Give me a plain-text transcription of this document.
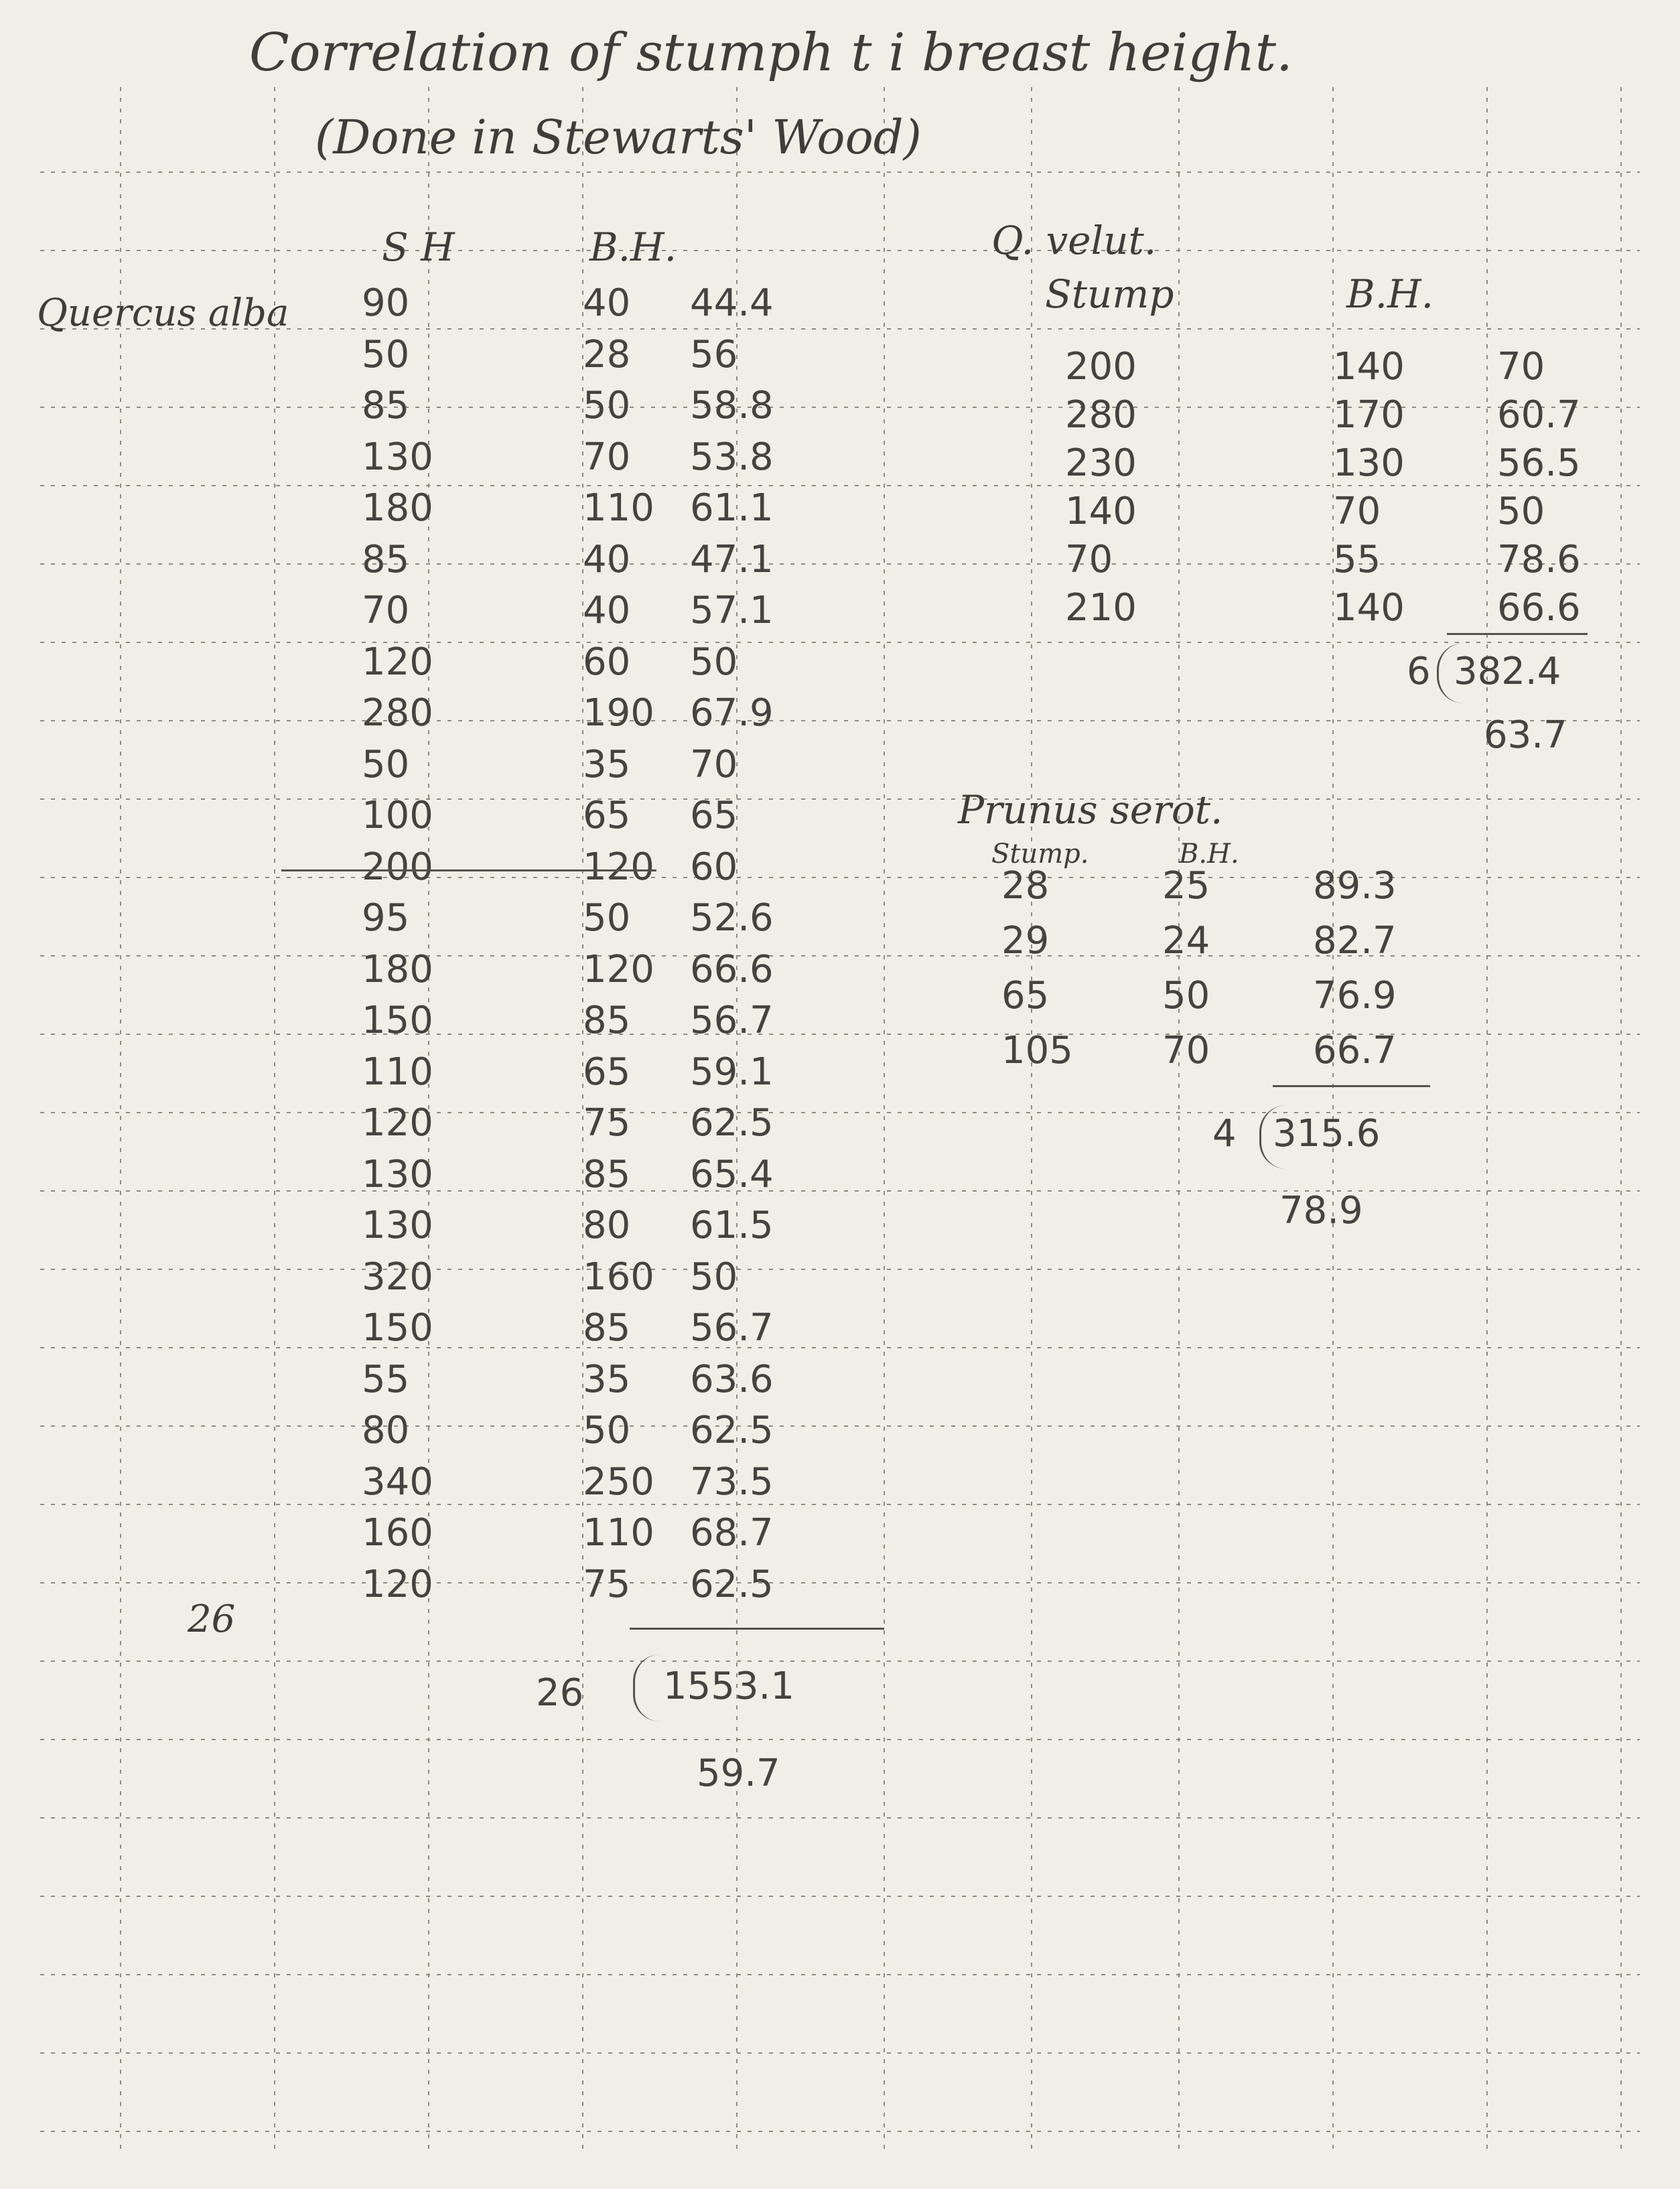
Correlation of stumph t i breast height.
(Done in Stewarts' Wood)
Quercus alba
S H	B.H.
90	40 44.4
50	28 56
85	50 58.8
130	70 53.8
180	110 61.1
85	40 47.1
70	40 57.1
120	60 50
280	190 67.9
50	35 70
100	65 65
200	120 60
95	50 52.6
180	120 66.6
150	85 56.7
110	65 59.1
120	75 62.5
130	85 65.4
130	80 61.5
320	160 50
150	85 56.7
55	35 63.6
80	50 62.5
340	250 73.5
160	110 68.7
120	75 62.5
26
26 1553.1
59.7
Q. velut.
Stump	B.H.
200	140 70
280	170 60.7
230	130 56.5
140	70	50
70	55	78.6
210	140 66.6
6 382.4
63.7
Prunus serot.
Stump.	B.H.
28	25	89.3
29	24	82.7
65	50	76.9
105 70	66.7
4 315.6
78.9
